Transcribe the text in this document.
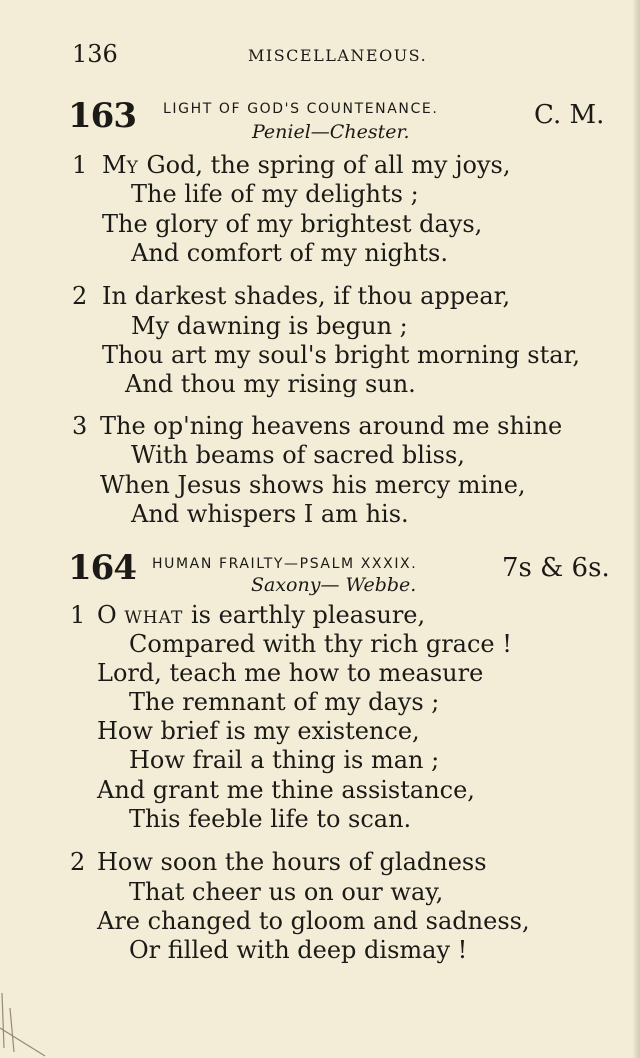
136	MISCELLANEOUS.
163 LIGHT OF GOD'S COUNTENANCE.	C. M.
Peniel—Chester.
1 MY God, the spring of all my joys,
The life of my delights ;
The glory of my brightest days,
And comfort of my nights.
2 In darkest shades, if thou appear,
My dawning is begun ;
Thou art my soul's bright morning star,
And thou my rising sun.
3 The op'ning heavens around me shine
With beams of sacred bliss,
When Jesus shows his mercy mine,
And whispers I am his.
164 HUMAN FRAILTY—PSALM XXXIX.	7s & 6s.
Saxony— Webbe.
1 O WHAT is earthly pleasure,
Compared with thy rich grace !
Lord, teach me how to measure
The remnant of my days ;
How brief is my existence,
How frail a thing is man ;
And grant me thine assistance,
This feeble life to scan.
2 How soon the hours of gladness
That cheer us on our way,
Are changed to gloom and sadness,
Or filled with deep dismay !
